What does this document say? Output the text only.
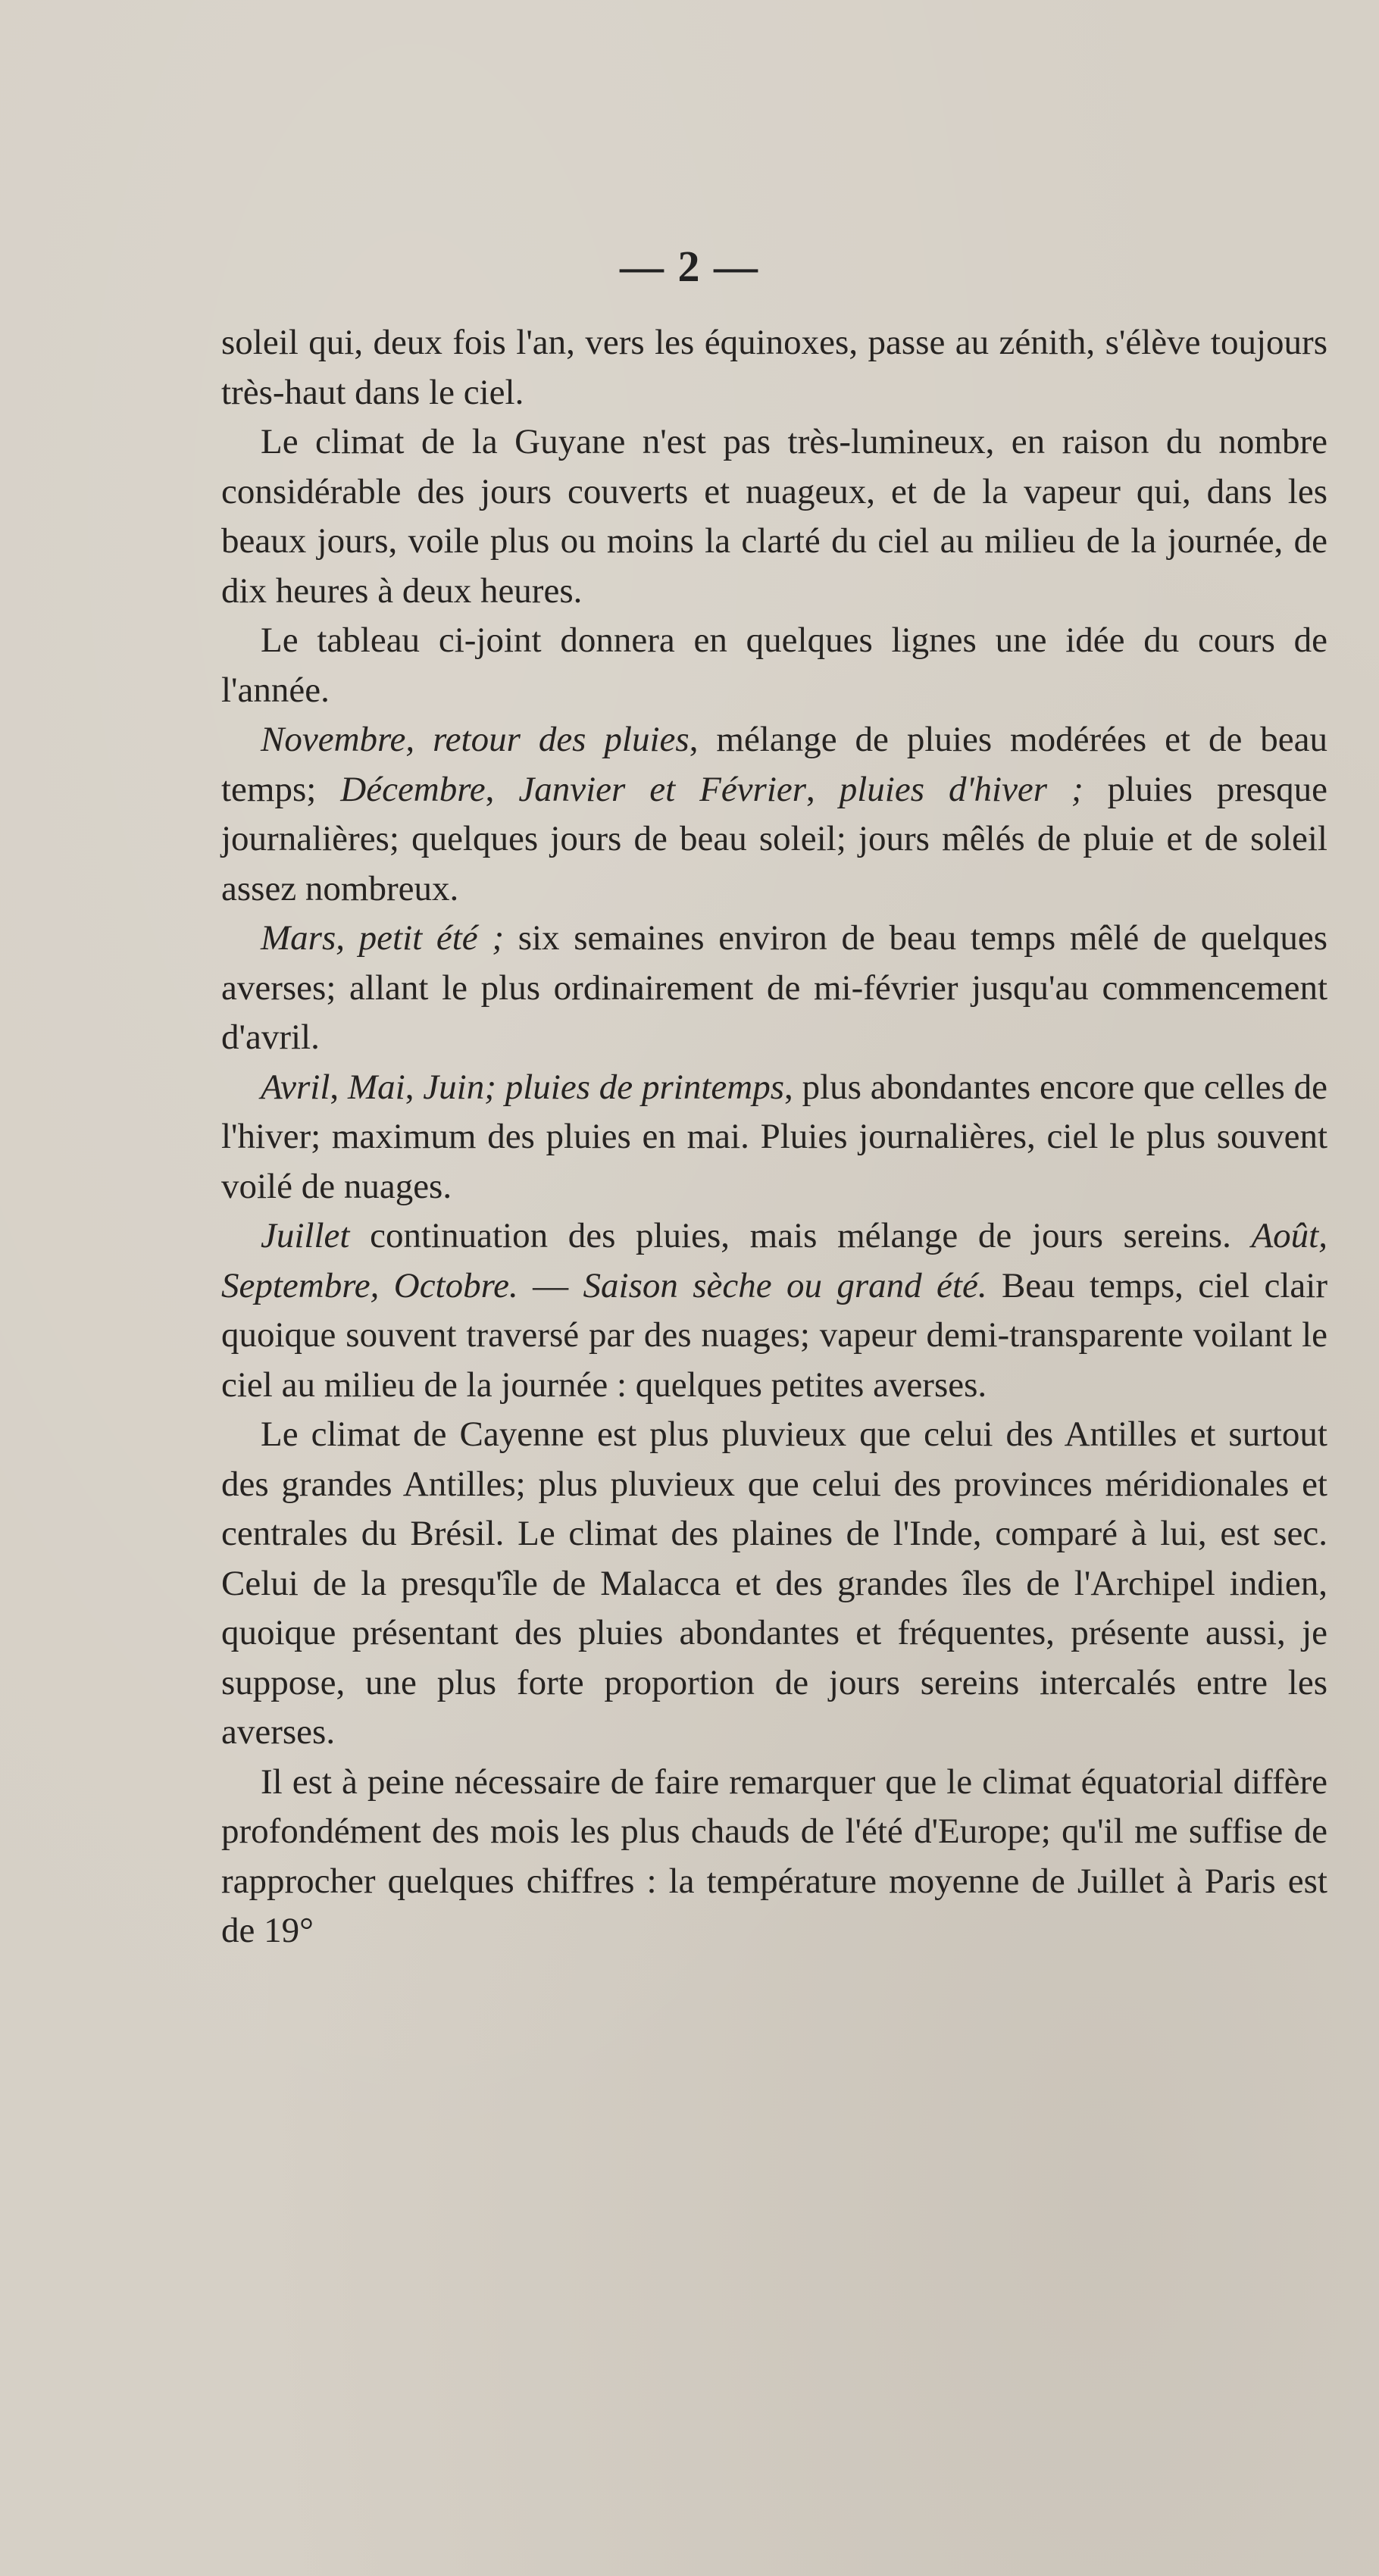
— 2 —

soleil qui, deux fois l'an, vers les équinoxes, passe au zénith, s'élève toujours très-haut dans le ciel.

Le climat de la Guyane n'est pas très-lumineux, en raison du nombre considérable des jours couverts et nuageux, et de la vapeur qui, dans les beaux jours, voile plus ou moins la clarté du ciel au milieu de la journée, de dix heures à deux heures.

Le tableau ci-joint donnera en quelques lignes une idée du cours de l'année.

Novembre, retour des pluies, mélange de pluies modérées et de beau temps; Décembre, Janvier et Février, pluies d'hiver ; pluies presque journalières; quelques jours de beau soleil; jours mêlés de pluie et de soleil assez nombreux.

Mars, petit été ; six semaines environ de beau temps mêlé de quelques averses; allant le plus ordinairement de mi-février jusqu'au commencement d'avril.

Avril, Mai, Juin; pluies de printemps, plus abondantes encore que celles de l'hiver; maximum des pluies en mai. Pluies journalières, ciel le plus souvent voilé de nuages.

Juillet continuation des pluies, mais mélange de jours sereins. Août, Septembre, Octobre. — Saison sèche ou grand été. Beau temps, ciel clair quoique souvent traversé par des nuages; vapeur demi-transparente voilant le ciel au milieu de la journée : quelques petites averses.

Le climat de Cayenne est plus pluvieux que celui des Antilles et surtout des grandes Antilles; plus pluvieux que celui des provinces méridionales et centrales du Brésil. Le climat des plaines de l'Inde, comparé à lui, est sec. Celui de la presqu'île de Malacca et des grandes îles de l'Archipel indien, quoique présentant des pluies abondantes et fréquentes, présente aussi, je suppose, une plus forte proportion de jours sereins intercalés entre les averses.

Il est à peine nécessaire de faire remarquer que le climat équatorial diffère profondément des mois les plus chauds de l'été d'Europe; qu'il me suffise de rapprocher quelques chiffres : la température moyenne de Juillet à Paris est de 19°
